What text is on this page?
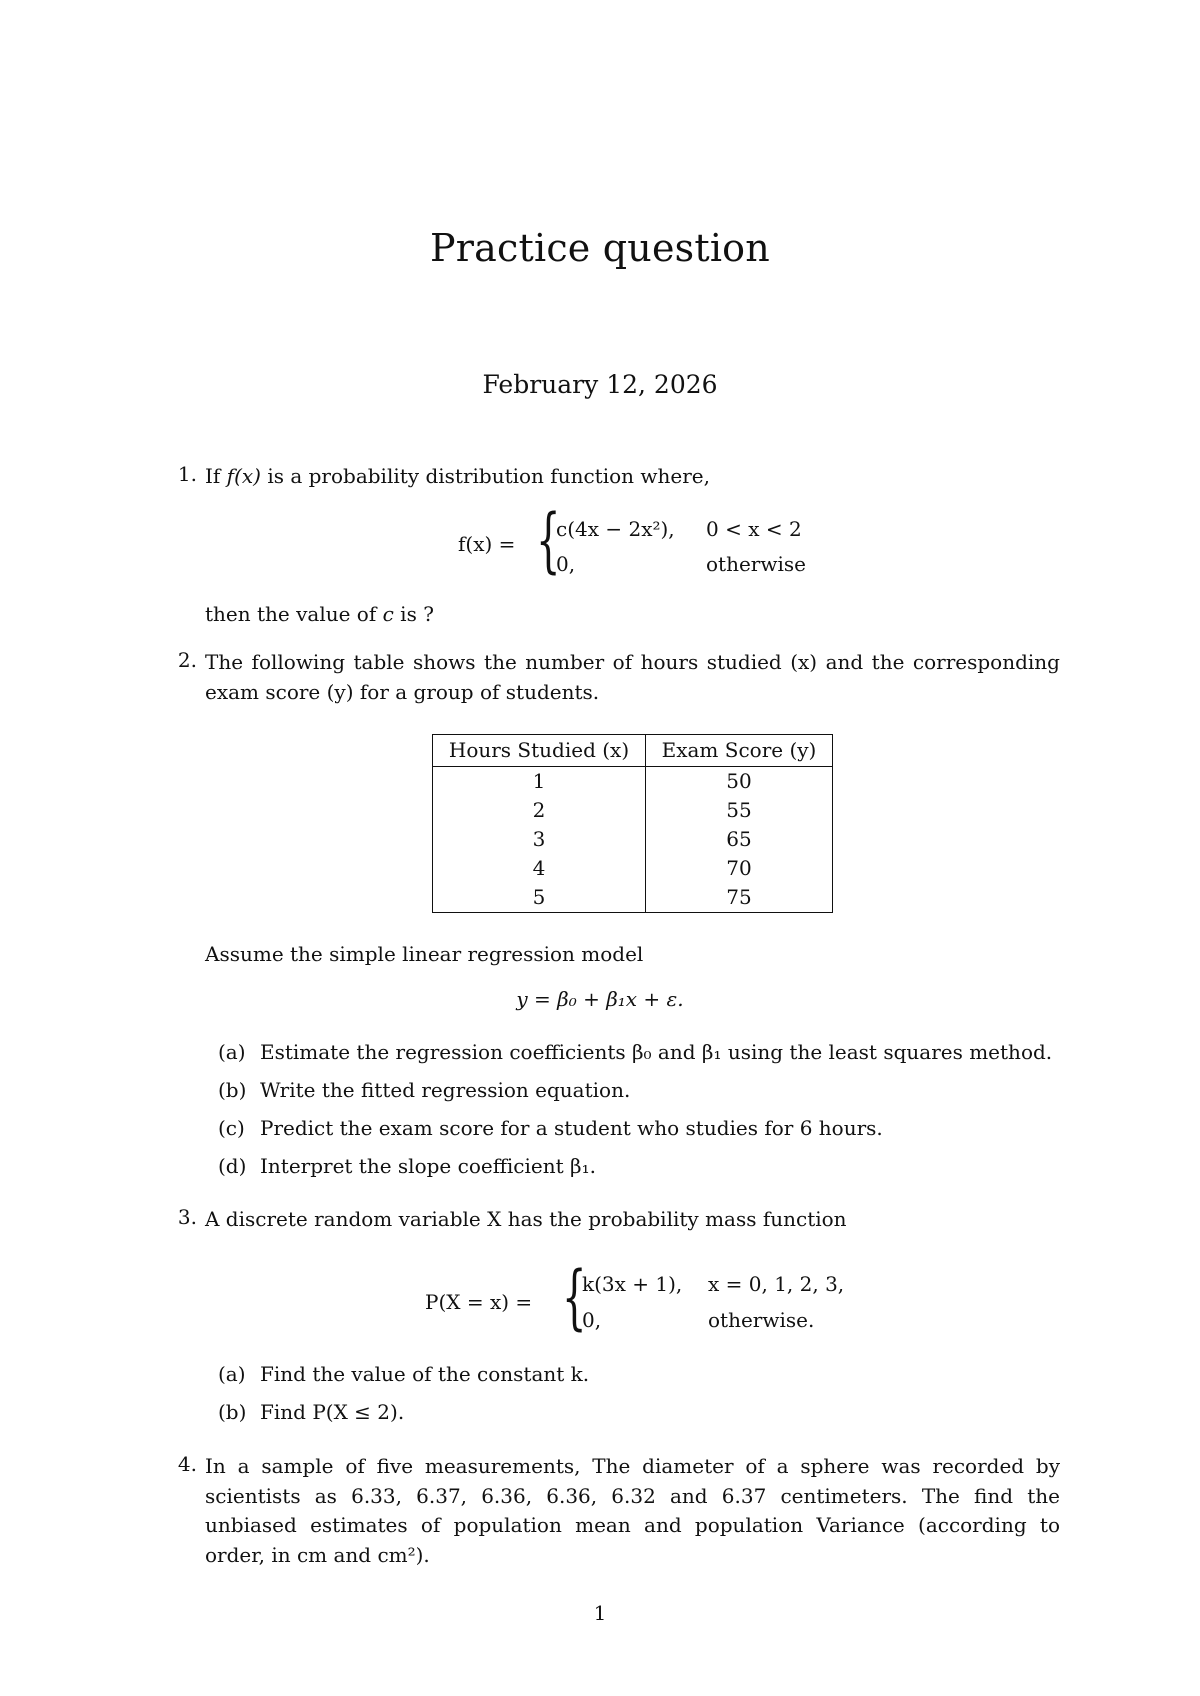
Practice question
February 12, 2026
1. If f(x) is a probability distribution function where,
f(x) = {
c(4x − 2x²), 0 < x < 2
0,	otherwise
then the value of c is ?
2. The following table shows the number of hours studied (x) and the corresponding exam score (y) for a group of students.
Hours Studied (x)	Exam Score (y)
1	50
2	55
3	65
4	70
5	75
Assume the simple linear regression model
y = β₀ + β₁x + ε.
(a) Estimate the regression coefficients β₀ and β₁ using the least squares method.
(b) Write the fitted regression equation.
(c) Predict the exam score for a student who studies for 6 hours.
(d) Interpret the slope coefficient β₁.
3. A discrete random variable X has the probability mass function
P(X = x) = {
k(3x + 1), x = 0, 1, 2, 3,
0,	otherwise.
(a) Find the value of the constant k.
(b) Find P(X ≤ 2).
4. In a sample of five measurements, The diameter of a sphere was recorded by scientists as 6.33, 6.37, 6.36, 6.36, 6.32 and 6.37 centimeters. The find the unbiased estimates of population mean and population Variance (according to order, in cm and cm²).
1
